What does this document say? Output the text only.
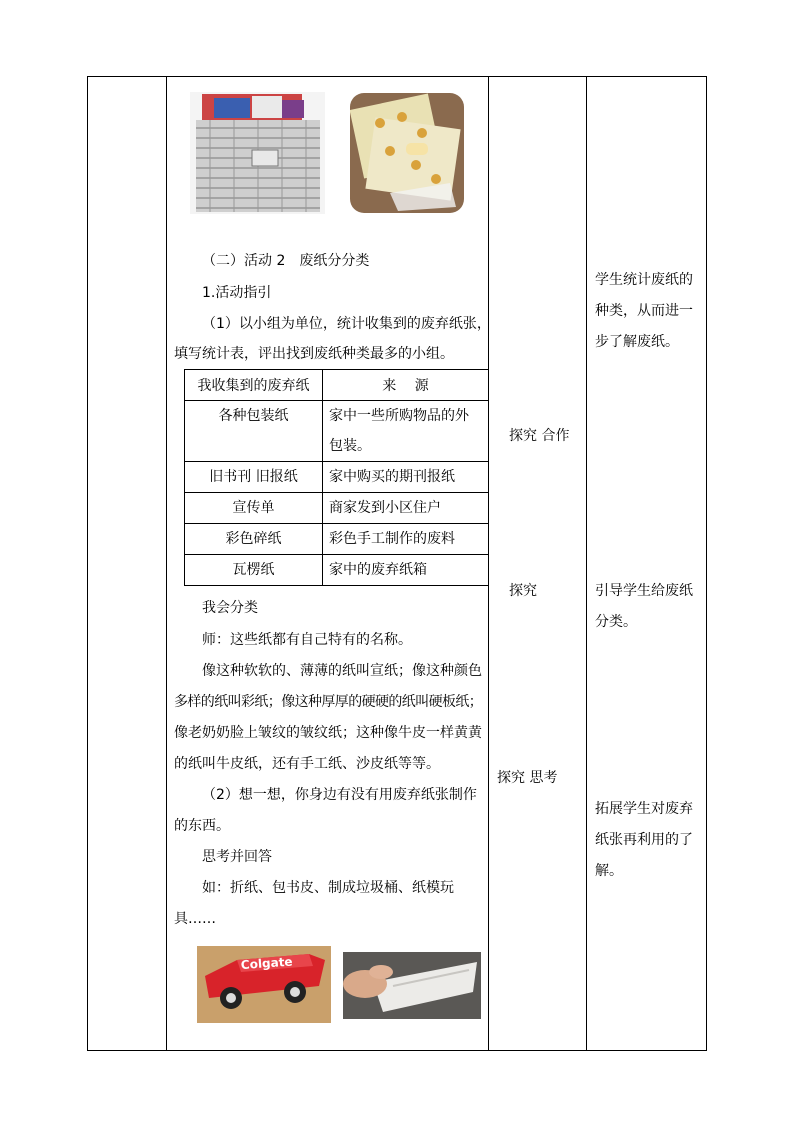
（二）活动 2　废纸分分类
1.活动指引
（1）以小组为单位，统计收集到的废弃纸张，
填写统计表，评出找到废纸种类最多的小组。
我收集到的废弃纸	来　 源

各种包装纸	家中一些所购物品的外
包装。

旧书刊 旧报纸	家中购买的期刊报纸

宣传单	商家发到小区住户

彩色碎纸	彩色手工制作的废料

瓦楞纸	家中的废弃纸箱
我会分类
师：这些纸都有自己特有的名称。
像这种软软的、薄薄的纸叫宣纸；像这种颜色
多样的纸叫彩纸；像这种厚厚的硬硬的纸叫硬板纸；
像老奶奶脸上皱纹的皱纹纸；这种像牛皮一样黄黄
的纸叫牛皮纸，还有手工纸、沙皮纸等等。
（2）想一想，你身边有没有用废弃纸张制作
的东西。
思考并回答
如：折纸、包书皮、制成垃圾桶、纸模玩
具……
Colgate
探究 合作
探究
探究 思考
学生统计废纸的
种类，从而进一
步了解废纸。
引导学生给废纸
分类。
拓展学生对废弃
纸张再利用的了
解。
